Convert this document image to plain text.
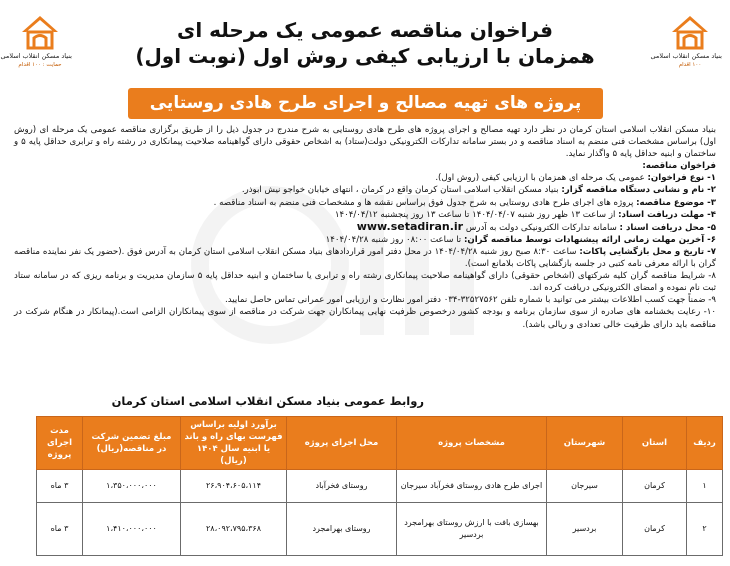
بنیاد مسکن انقلاب اسلامی
۱۰۰ اقدام
بنیاد مسکن انقلاب اسلامی
حمایت : ۱۰۰ اقدام
فراخوان مناقصه عمومی یک مرحله ای
همزمان با ارزیابی کیفی روش اول (نوبت اول)
پروژه های تهیه مصالح و اجرای طرح هادی روستایی

بنیاد مسکن انقلاب اسلامی استان کرمان در نظر دارد تهیه مصالح و اجرای پروژه های طرح هادی روستایی به شرح مندرج در جدول ذیل را از طریق برگزاری مناقصه عمومی یک مرحله ای (روش اول) براساس مشخصات فنی منضم به اسناد مناقصه و در بستر سامانه تدارکات الکترونیکی دولت(ستاد) به اشخاص حقوقی دارای گواهینامه صلاحیت پیمانکاری در رشته راه و ترابری حداقل پایه ۵ و ساختمان و ابنیه حداقل پایه ۵ واگذار نماید.

فراخوان مناقصه:

۱- نوع فراخوان: عمومی یک مرحله ای همزمان با ارزیابی کیفی (روش اول).

۲- نام و نشانی دستگاه مناقصه گزار: بنیاد مسکن انقلاب اسلامی استان کرمان واقع در کرمان ، انتهای خیابان خواجو نیش ابوذر.

۳- موضوع مناقصه: پروژه های اجرای طرح هادی روستایی به شرح جدول فوق براساس نقشه ها و مشخصات فنی منضم به اسناد مناقصه .

۴- مهلت دریافت اسناد: از ساعت ۱۳ ظهر روز شنبه ۱۴۰۴/۰۴/۰۷ تا ساعت ۱۳ روز پنجشنبه ۱۴۰۴/۰۴/۱۲

۵- محل دریافت اسناد : سامانه تدارکات الکترونیکی دولت به آدرس www.setadiran.ir

۶- آخرین مهلت زمانی ارائه پیشنهادات توسط مناقصه گران: تا ساعت ۰۸:۰۰ روز شنبه ۱۴۰۴/۰۴/۲۸

۷- تاریخ و محل بازگشایی پاکات: ساعت ۸:۳۰ صبح روز شنبه ۱۴۰۴/۰۴/۲۸ در محل دفتر امور قراردادهای بنیاد مسکن انقلاب اسلامی استان کرمان به آدرس فوق .(حضور یک نفر نماینده مناقصه گران با ارائه معرفی نامه کتبی در جلسه بازگشایی پاکات بلامانع است).

۸- شرایط مناقصه گران کلیه شرکتهای (اشخاص حقوقی) دارای گواهینامه صلاحیت پیمانکاری رشته راه و ترابری یا ساختمان و ابنیه حداقل پایه ۵ سازمان مدیریت و برنامه ریزی که در سامانه ستاد ثبت نام نموده و امضای الکترونیکی دریافت کرده اند.

۹- ضمناً جهت کسب اطلاعات بیشتر می توانید با شماره تلفن ۳۲۵۲۷۵۶۲-۰۳۴ دفتر امور نظارت و ارزیابی امور عمرانی تماس حاصل نمایید.

۱۰- رعایت بخشنامه های صادره از سوی سازمان برنامه و بودجه کشور درخصوص ظرفیت نهایی پیمانکاران جهت شرکت در مناقصه از سوی پیمانکاران الزامی است.(پیمانکار در هنگام شرکت در مناقصه باید دارای ظرفیت خالی تعدادی و ریالی باشد).

روابط عمومی بنیاد مسکن انقلاب اسلامی استان کرمان
ردیف	استان	شهرستان	مشخصات پروژه	محل اجرای پروژه	برآورد اولیه براساس فهرست بهای راه و باند یا ابنیه سال ۱۴۰۴ (ریال)	مبلغ تضمین شرکت در مناقصه(ریال)	مدت اجرای پروژه
۱	کرمان	سیرجان	اجرای طرح هادی روستای فخرآباد سیرجان	روستای فخرآباد	۲۶،۹۰۴،۶۰۵،۱۱۴	۱،۳۵۰،۰۰۰،۰۰۰	۳ ماه
۲	کرمان	بردسیر	بهسازی بافت با ارزش روستای بهرامجرد بردسیر	روستای بهرامجرد	۲۸،۰۹۲،۷۹۵،۳۶۸	۱،۴۱۰،۰۰۰،۰۰۰	۳ ماه
